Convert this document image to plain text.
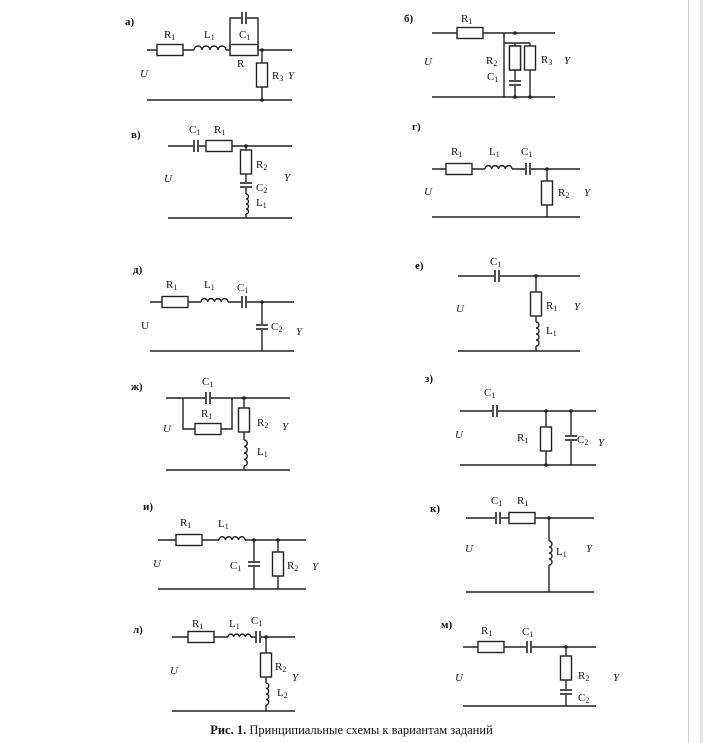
а)
R1	L1 C1
R
R3
U	Y
б)	R1
R2
C1
R3
U	Y
в)	C1 R1
R2
C2
L1
U	Y
г)
R1 L1 C1
R2
U	Y
д)
R1 L1 C1
C2
U	Y
е)	C1
R1
L1
U	Y
ж)	C1
R1
R2
L1
U	Y
з)
C1
R1	C2
U
Y
и)
R1 L1
C1	R2
U	Y
к)
C1 R1
L1
U	Y
л)	R1 L1 C1
R2
L2
U
Y
м)	R1	C1
R2
C2
U	Y
Рис. 1. Принципиальные схемы к вариантам заданий
